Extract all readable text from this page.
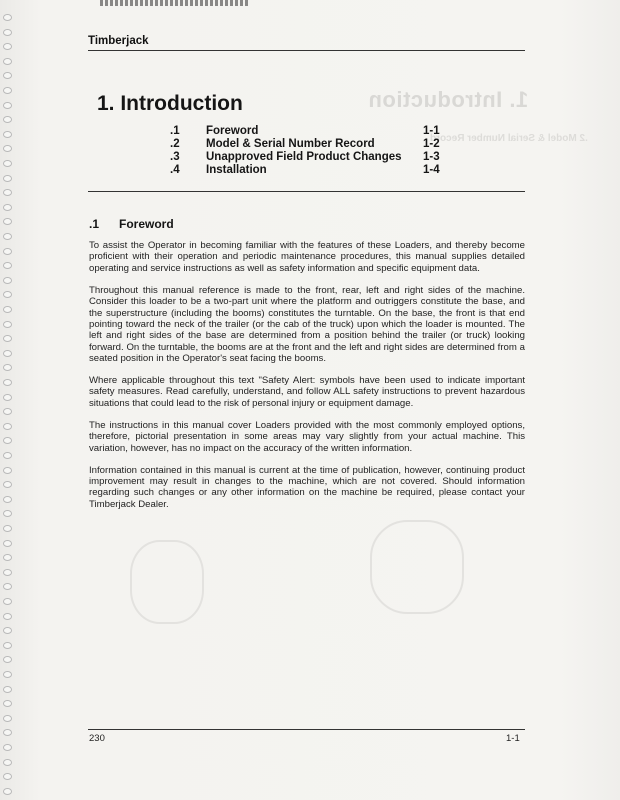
1. Introduction
.2 Model & Serial Number Record
Timberjack
1. Introduction
.1 Foreword	1-1
.2 Model & Serial Number Record	1-2
.3 Unapproved Field Product Changes 1-3
.4 Installation	1-4
.1 Foreword

To assist the Operator in becoming familiar with the features of these Loaders, and thereby become proficient with their operation and periodic maintenance procedures, this manual supplies detailed operating and service instructions as well as safety information and specific equipment data.

Throughout this manual reference is made to the front, rear, left and right sides of the machine. Consider this loader to be a two-part unit where the platform and outriggers constitute the base, and the superstructure (including the booms) constitutes the turntable. On the base, the front is that end pointing toward the neck of the trailer (or the cab of the truck) upon which the loader is mounted. The left and right sides of the base are determined from a position behind the trailer (or truck) looking forward. On the turntable, the booms are at the front and the left and right sides are determined from a seated position in the Operator's seat facing the booms.

Where applicable throughout this text "Safety Alert: symbols have been used to indicate important safety measures. Read carefully, understand, and follow ALL safety instructions to prevent hazardous situations that could lead to the risk of personal injury or equipment damage.

The instructions in this manual cover Loaders provided with the most commonly employed options, therefore, pictorial presentation in some areas may vary slightly from your actual machine. This variation, however, has no impact on the accuracy of the written information.

Information contained in this manual is current at the time of publication, however, continuing product improvement may result in changes to the machine, which are not covered. Should information regarding such changes or any other information on the machine be required, please contact your Timberjack Dealer.

230	1-1
